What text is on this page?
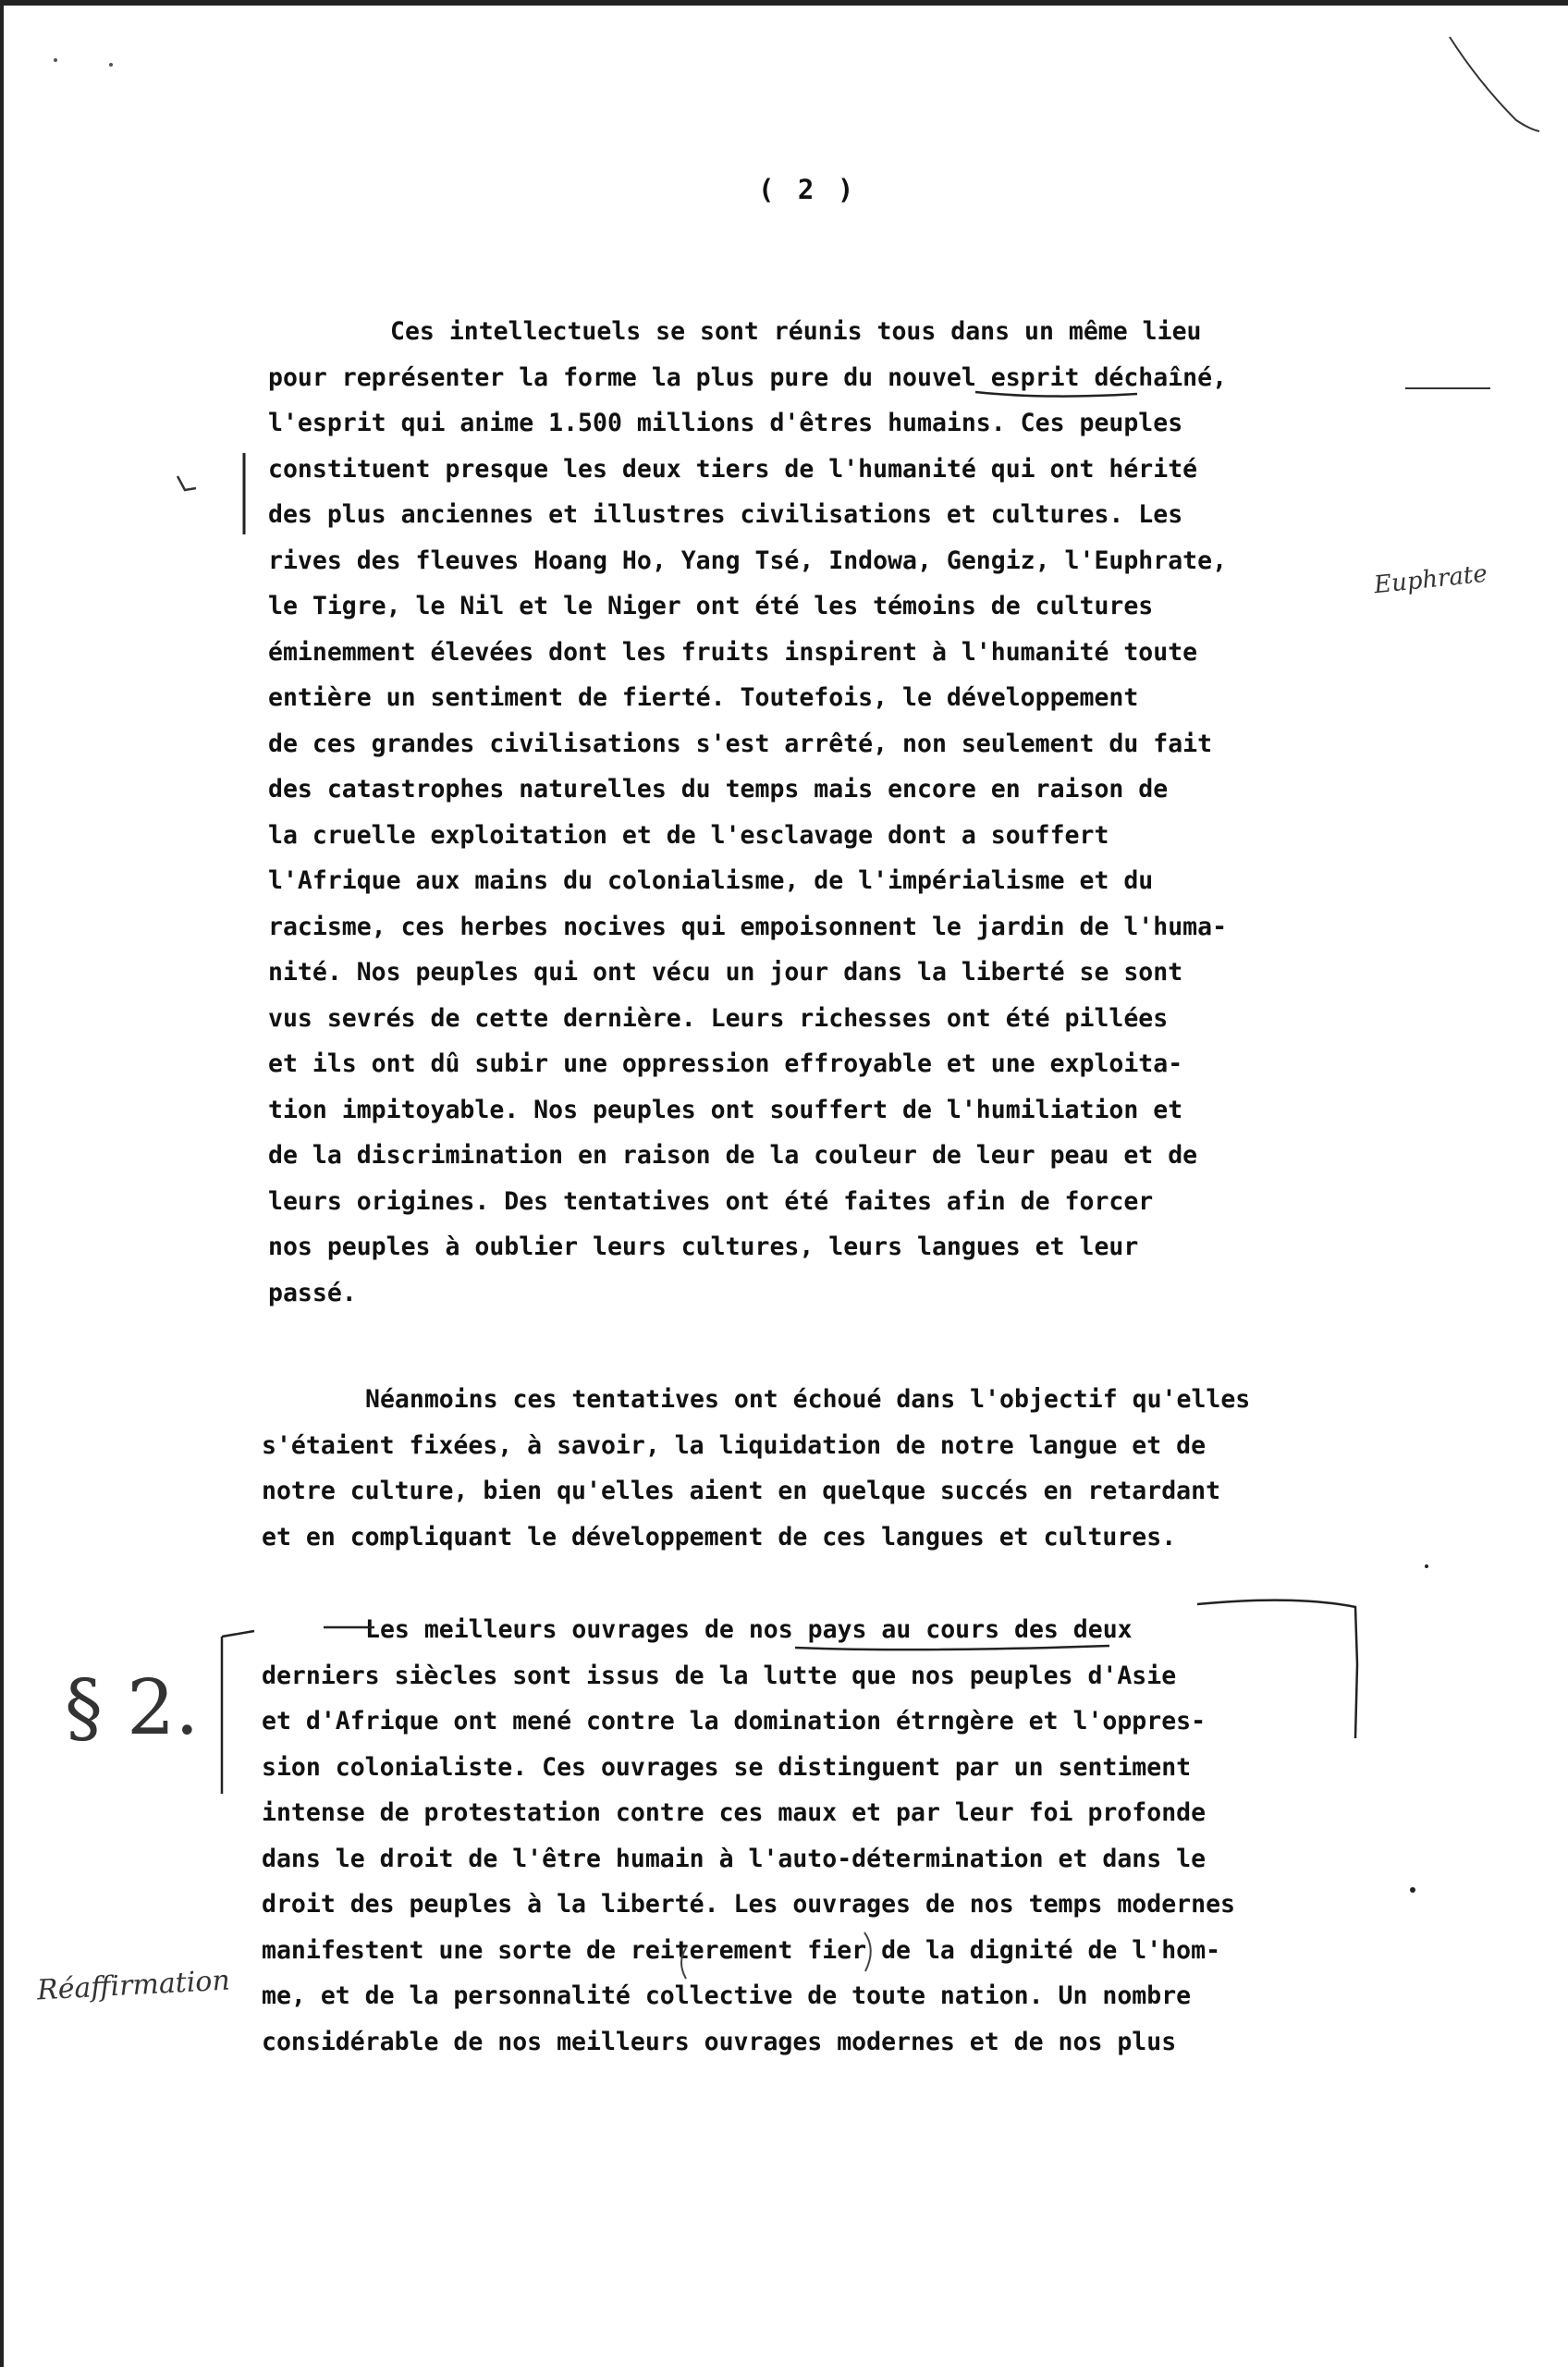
( 2 )
Ces intellectuels se sont réunis tous dans un même lieu
pour représenter la forme la plus pure du nouvel esprit déchaîné,
l'esprit qui anime 1.500 millions d'êtres humains. Ces peuples
constituent presque les deux tiers de l'humanité qui ont hérité
des plus anciennes et illustres civilisations et cultures. Les
rives des fleuves Hoang Ho, Yang Tsé, Indowa, Gengiz, l'Euphrate,
le Tigre, le Nil et le Niger ont été les témoins de cultures
éminemment élevées dont les fruits inspirent à l'humanité toute
entière un sentiment de fierté. Toutefois, le développement
de ces grandes civilisations s'est arrêté, non seulement du fait
des catastrophes naturelles du temps mais encore en raison de
la cruelle exploitation et de l'esclavage dont a souffert
l'Afrique aux mains du colonialisme, de l'impérialisme et du
racisme, ces herbes nocives qui empoisonnent le jardin de l'huma-
nité. Nos peuples qui ont vécu un jour dans la liberté se sont
vus sevrés de cette dernière. Leurs richesses ont été pillées
et ils ont dû subir une oppression effroyable et une exploita-
tion impitoyable. Nos peuples ont souffert de l'humiliation et
de la discrimination en raison de la couleur de leur peau et de
leurs origines. Des tentatives ont été faites afin de forcer
nos peuples à oublier leurs cultures, leurs langues et leur
passé.
Néanmoins ces tentatives ont échoué dans l'objectif qu'elles
s'étaient fixées, à savoir, la liquidation de notre langue et de
notre culture, bien qu'elles aient en quelque succés en retardant
et en compliquant le développement de ces langues et cultures.
Les meilleurs ouvrages de nos pays au cours des deux
derniers siècles sont issus de la lutte que nos peuples d'Asie
et d'Afrique ont mené contre la domination étrngère et l'oppres-
sion colonialiste. Ces ouvrages se distinguent par un sentiment
intense de protestation contre ces maux et par leur foi profonde
dans le droit de l'être humain à l'auto-détermination et dans le
droit des peuples à la liberté. Les ouvrages de nos temps modernes
manifestent une sorte de reiterement fier de la dignité de l'hom-
me, et de la personnalité collective de toute nation. Un nombre
considérable de nos meilleurs ouvrages modernes et de nos plus
Euphrate
§ 2.
Réaffirmation
